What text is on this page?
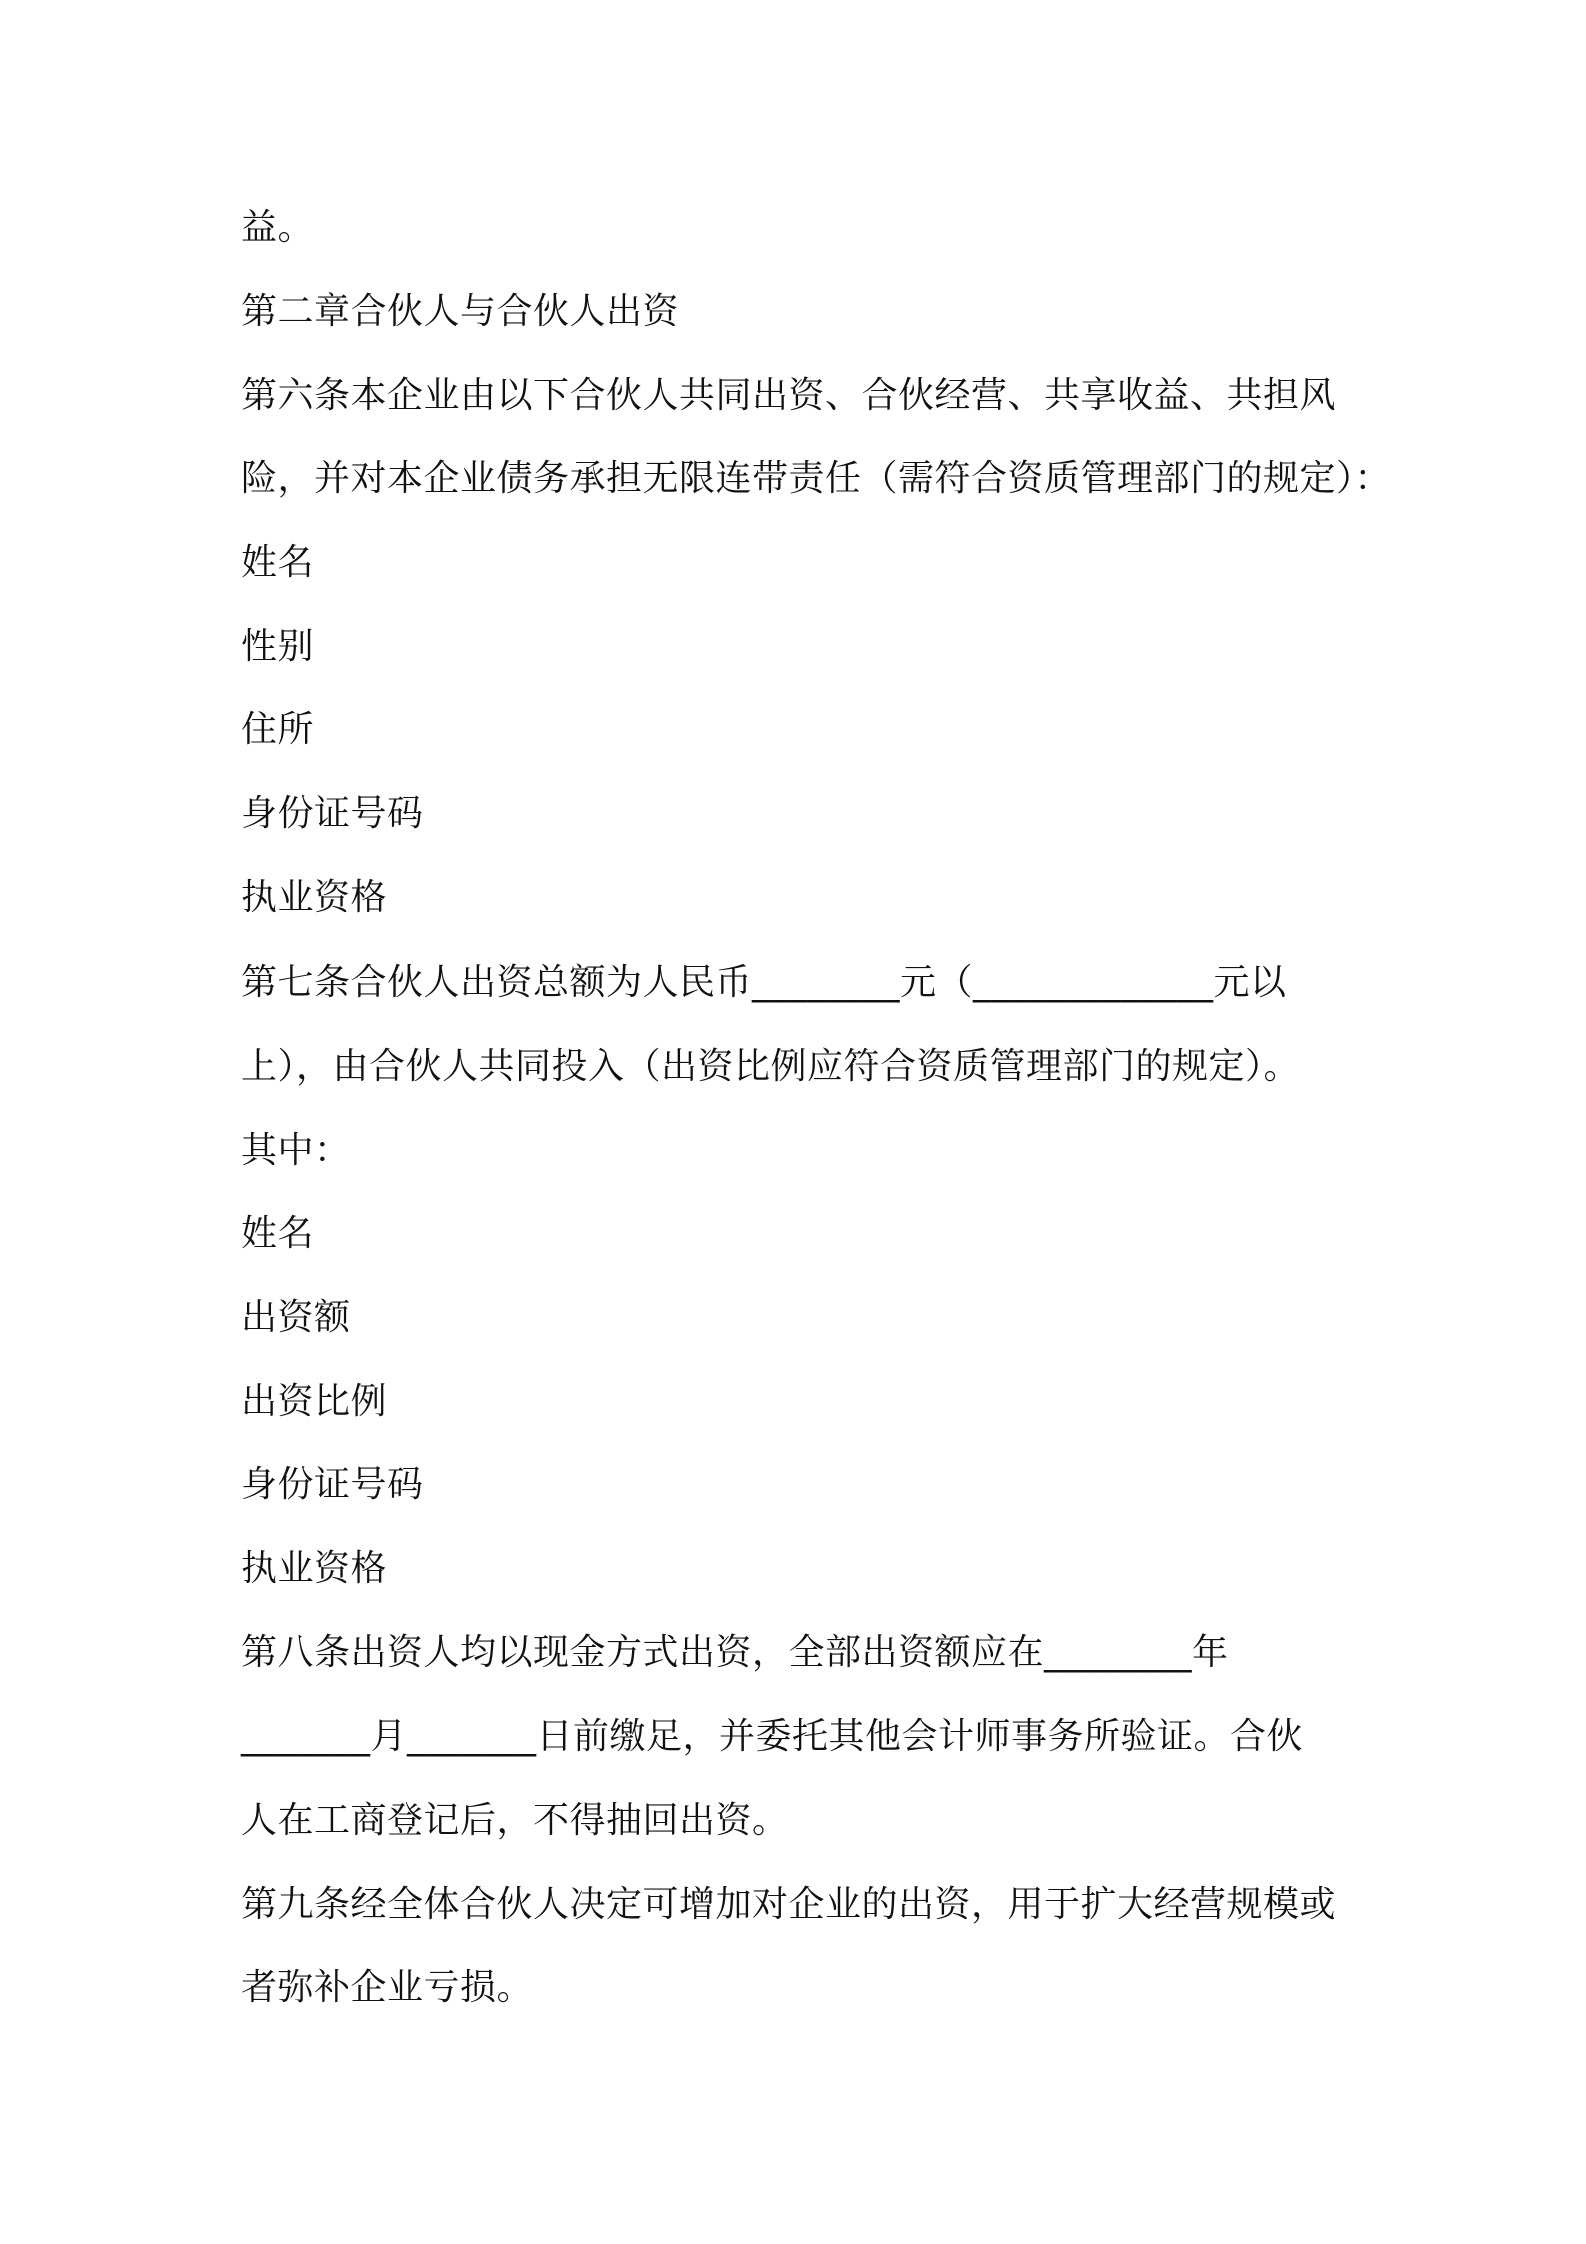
益。
第二章合伙人与合伙人出资
第六条本企业由以下合伙人共同出资、合伙经营、共享收益、共担风
险，并对本企业债务承担无限连带责任（需符合资质管理部门的规定）：
姓名
性别
住所
身份证号码
执业资格
第七条合伙人出资总额为人民币________元（_____________元以
上），由合伙人共同投入（出资比例应符合资质管理部门的规定）。
其中：
姓名
出资额
出资比例
身份证号码
执业资格
第八条出资人均以现金方式出资，全部出资额应在________年
_______月_______日前缴足，并委托其他会计师事务所验证。合伙
人在工商登记后，不得抽回出资。
第九条经全体合伙人决定可增加对企业的出资，用于扩大经营规模或
者弥补企业亏损。
